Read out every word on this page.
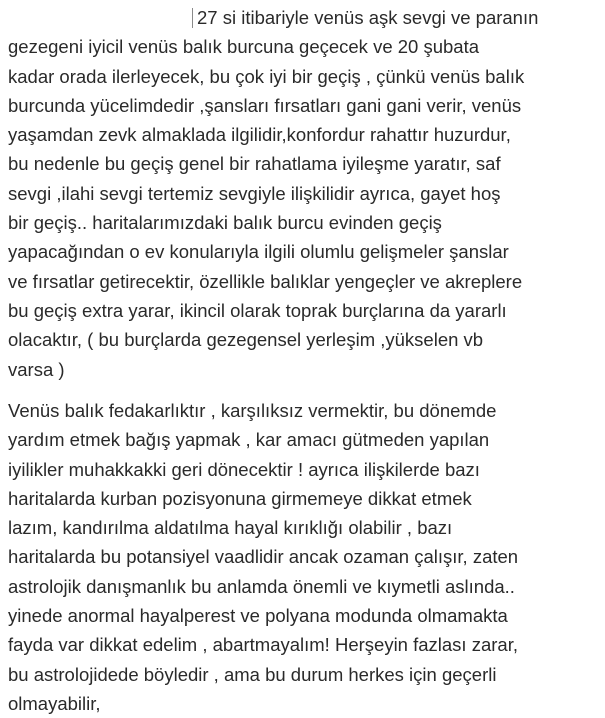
27 si itibariyle venüs aşk sevgi ve paranın
gezegeni iyicil venüs balık burcuna geçecek ve 20 şubata
kadar orada ilerleyecek, bu çok iyi bir geçiş , çünkü venüs balık
burcunda yücelimdedir ,şansları fırsatları gani gani verir, venüs
yaşamdan zevk almakladа ilgilidir,konfordur rahattır huzurdur,
bu nedenle bu geçiş genel bir rahatlama iyileşme yaratır, saf
sevgi ,ilahi sevgi tertemiz sevgiyle ilişkilidir ayrıca, gayet hoş
bir geçiş.. haritalarımızdaki balık burcu evinden geçiş
yapacağından o ev konularıyla ilgili olumlu gelişmeler şanslar
ve fırsatlar getirecektir, özellikle balıklar yengeçler ve akreplere
bu geçiş extra yarar, ikincil olarak toprak burçlarına da yararlı
olacaktır, ( bu burçlarda gezegensel yerleşim ,yükselen vb
varsa )
Venüs balık fedakarlıktır , karşılıksız vermektir, bu dönemde
yardım etmek bağış yapmak , kar amacı gütmeden yapılan
iyilikler muhakkakki geri dönecektir ! ayrıca ilişkilerde bazı
haritalarda kurban pozisyonuna girmemeye dikkat etmek
lazım, kandırılma aldatılma hayal kırıklığı olabilir , bazı
haritalarda bu potansiyel vaadlidir ancak ozaman çalışır, zaten
astrolojik danışmanlık bu anlamda önemli ve kıymetli aslında..
yinede anormal hayalperest ve polyana modunda olmamakta
fayda var dikkat edelim , abartmayalım! Herşeyin fazlası zarar,
bu astrolojidede böyledir , ama bu durum herkes için geçerli
olmayabilir,
